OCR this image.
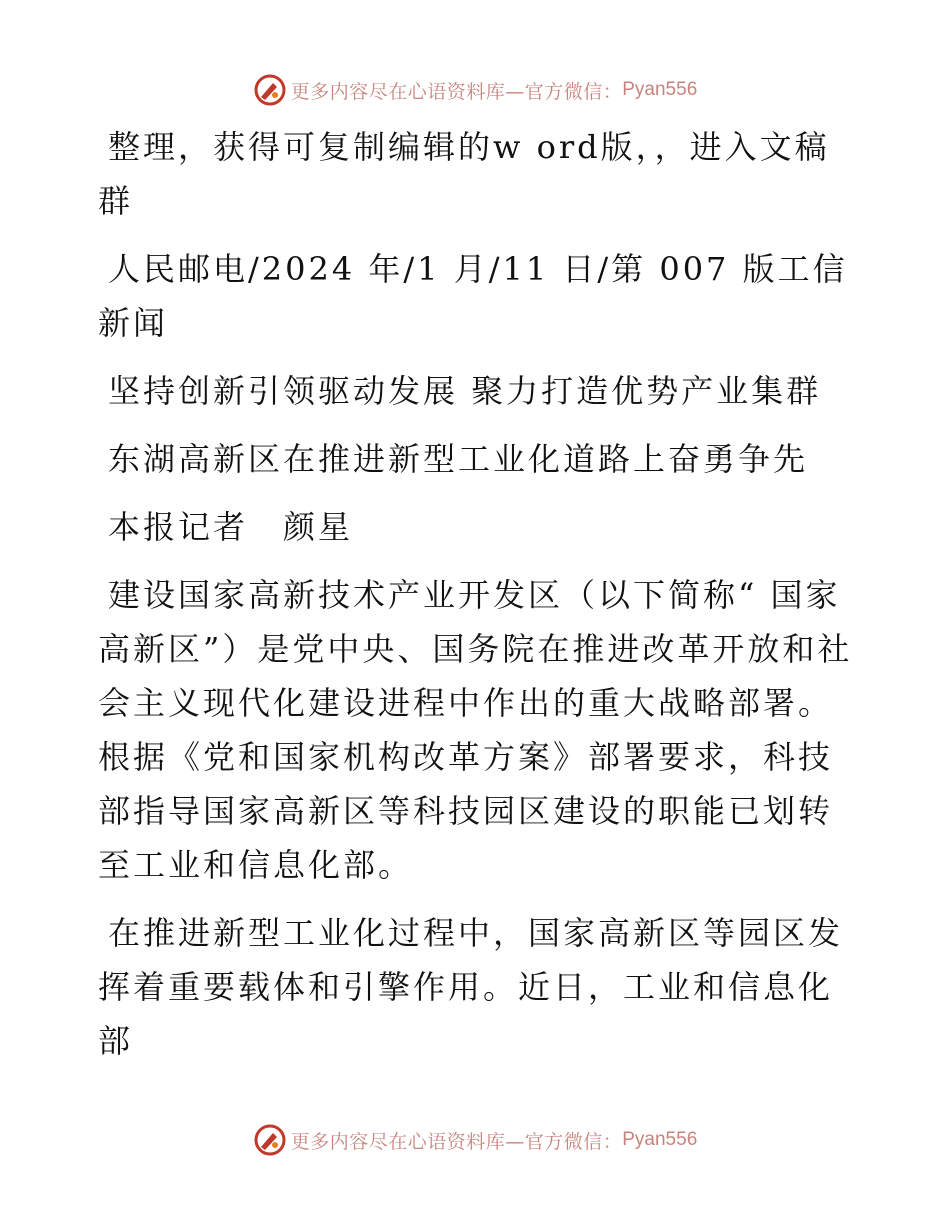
更多内容尽在心语资料库—官方微信： Pyan556

整理，获得可复制编辑的w ord版，，进入文稿群

人民邮电/2024 年/1 月/11 日/第 007 版工信新闻

坚持创新引领驱动发展 聚力打造优势产业集群

东湖高新区在推进新型工业化道路上奋勇争先

本报记者　颜星

建设国家高新技术产业开发区（以下简称“ 国家高新区”）是党中央、国务院在推进改革开放和社会主义现代化建设进程中作出的重大战略部署。根据《党和国家机构改革方案》部署要求，科技部指导国家高新区等科技园区建设的职能已划转至工业和信息化部。

在推进新型工业化过程中，国家高新区等园区发挥着重要载体和引擎作用。近日，工业和信息化部

更多内容尽在心语资料库—官方微信： Pyan556
